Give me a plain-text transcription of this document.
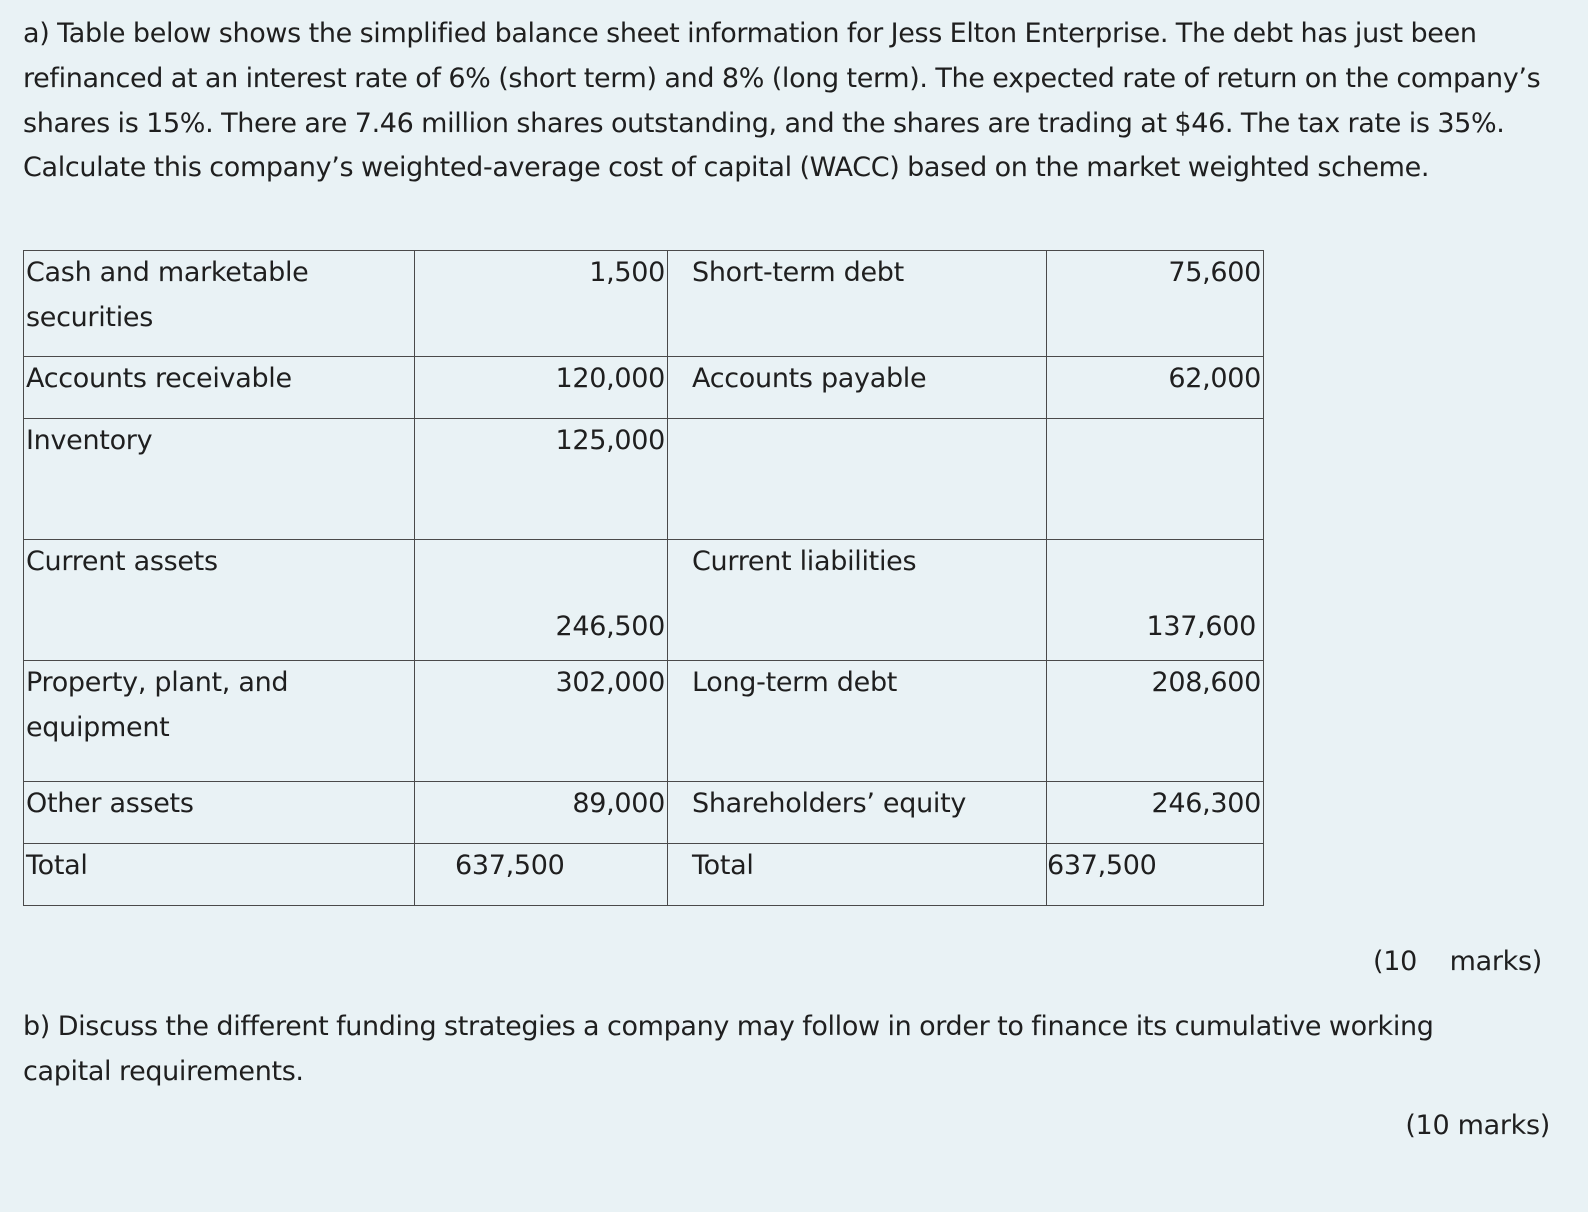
a) Table below shows the simplified balance sheet information for Jess Elton Enterprise. The debt has just been refinanced at an interest rate of 6% (short term) and 8% (long term). The expected rate of return on the company’s shares is 15%. There are 7.46 million shares outstanding, and the shares are trading at $46. The tax rate is 35%. Calculate this company’s weighted-average cost of capital (WACC) based on the market weighted scheme.

Cash and marketable securities	1,500	Short-term debt	75,600
Accounts receivable	120,000	Accounts payable	62,000
Inventory	125,000		
Current assets	246,500	Current liabilities	137,600

Property, plant, and equipment	302,000	Long-term debt	208,600
Other assets	89,000	Shareholders’ equity	246,300
Total	637,500	Total	637,500
(10  marks)

b) Discuss the different funding strategies a company may follow in order to finance its cumulative working capital requirements.

(10 marks)
